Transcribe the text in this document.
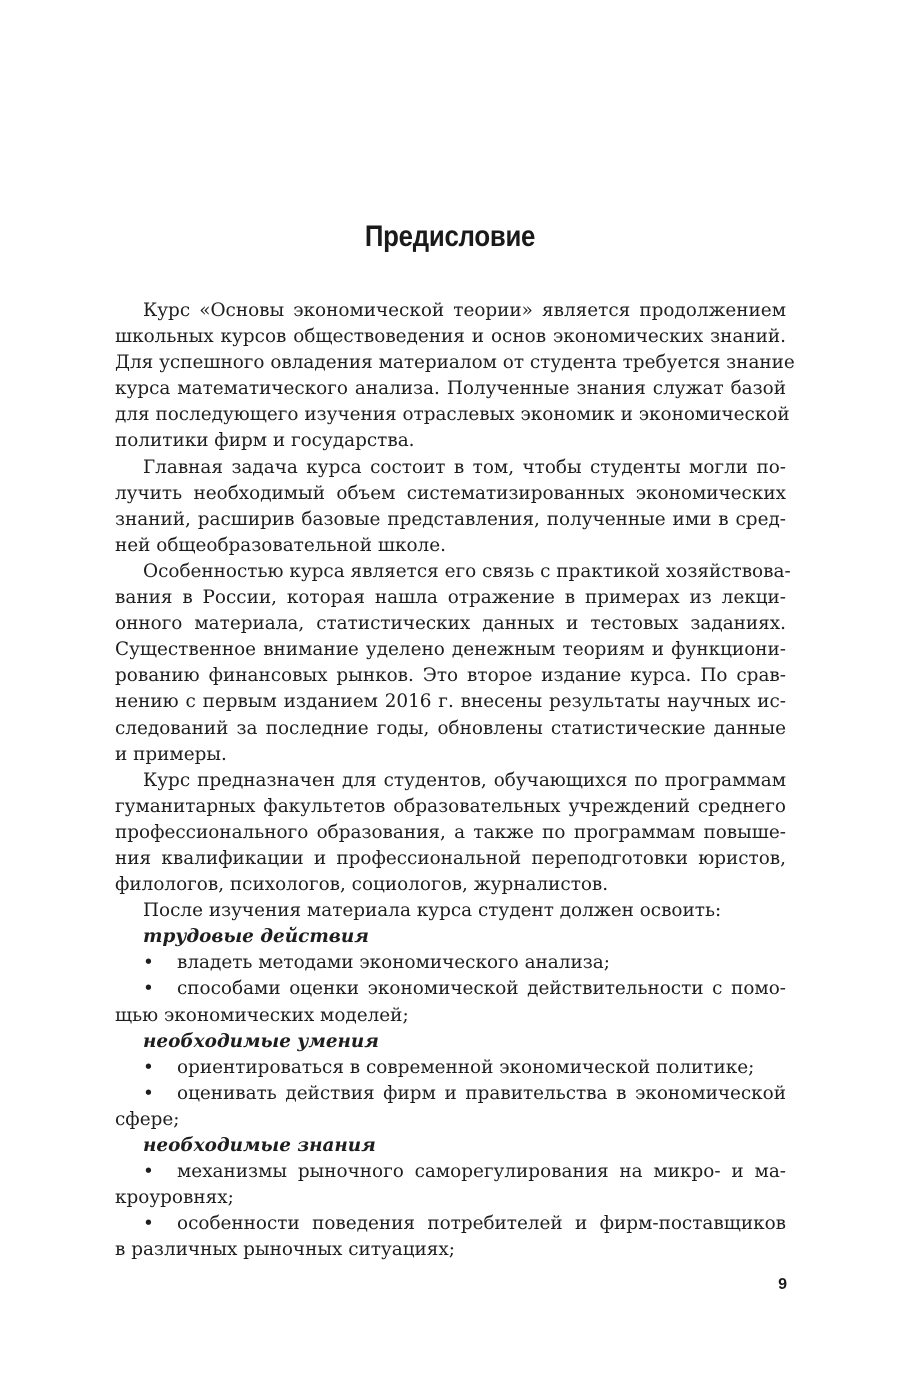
Предисловие
Курс «Основы экономической теории» является продолжением
школьных курсов обществоведения и основ экономических знаний.
Для успешного овладения материалом от студента требуется знание
курса математического анализа. Полученные знания служат базой
для последующего изучения отраслевых экономик и экономической
политики фирм и государства.
Главная задача курса состоит в том, чтобы студенты могли по-
лучить необходимый объем систематизированных экономических
знаний, расширив базовые представления, полученные ими в сред-
ней общеобразовательной школе.
Особенностью курса является его связь с практикой хозяйствова-
вания в России, которая нашла отражение в примерах из лекци-
онного материала, статистических данных и тестовых заданиях.
Существенное внимание уделено денежным теориям и функциони-
рованию финансовых рынков. Это второе издание курса. По срав-
нению с первым изданием 2016 г. внесены результаты научных ис-
следований за последние годы, обновлены статистические данные
и примеры.
Курс предназначен для студентов, обучающихся по программам
гуманитарных факультетов образовательных учреждений среднего
профессионального образования, а также по программам повыше-
ния квалификации и профессиональной переподготовки юристов,
филологов, психологов, социологов, журналистов.
После изучения материала курса студент должен освоить:
трудовые действия
• владеть методами экономического анализа;
•	способами оценки экономической действительности с помо-
щью экономических моделей;
необходимые умения
• ориентироваться в современной экономической политике;
•	оценивать действия фирм и правительства в экономической
сфере;
необходимые знания
•	механизмы рыночного саморегулирования на микро- и ма-
кроуровнях;
•	особенности поведения потребителей и фирм-поставщиков
в различных рыночных ситуациях;
9
